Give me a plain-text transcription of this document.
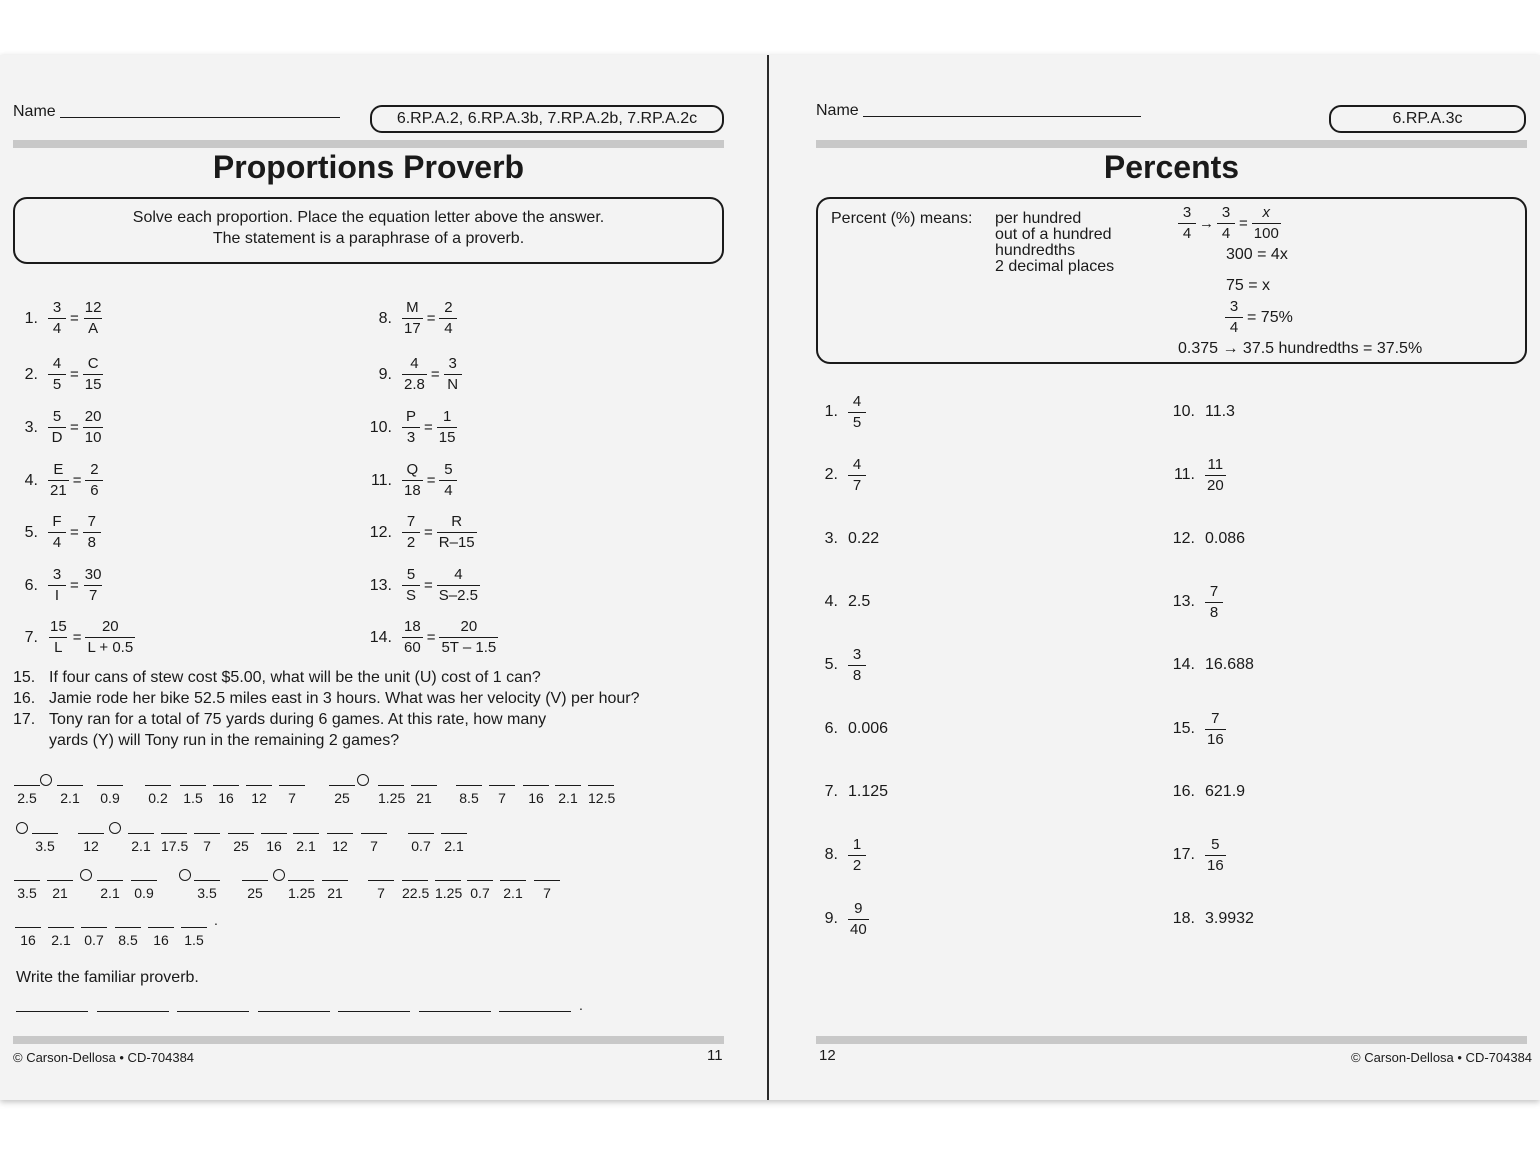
Name	6.RP.A.2, 6.RP.A.3b, 7.RP.A.2b, 7.RP.A.2c
Proportions Proverb
Solve each proportion. Place the equation letter above the answer.
The statement is a paraphrase of a proverb.
1. $\frac{3}{4} = \frac{12}{A}$
2. $\frac{4}{5} = \frac{C}{15}$
3. $\frac{5}{D} = \frac{20}{10}$
4. $\frac{E}{21} = \frac{2}{6}$
5. $\frac{F}{4} = \frac{7}{8}$
6. $\frac{3}{I} = \frac{30}{7}$
7. $\frac{15}{L} = \frac{20}{L + 0.5}$
8. $\frac{M}{17} = \frac{2}{4}$
9. $\frac{4}{2.8} = \frac{3}{N}$
10. $\frac{P}{3} = \frac{1}{15}$
11. $\frac{Q}{18} = \frac{5}{4}$
12. $\frac{7}{2} = \frac{R}{R-15}$
13. $\frac{5}{S} = \frac{4}{S-2.5}$
14. $\frac{18}{60} = \frac{20}{5T - 1.5}$
15. If four cans of stew cost $5.00, what will be the unit (U) cost of 1 can?
16. Jamie rode her bike 52.5 miles east in 3 hours. What was her velocity (V) per hour?
17. Tony ran for a total of 75 yards during 6 games. At this rate, how many
yards (Y) will Tony run in the remaining 2 games?
2.5 2.1 0.9 0.2 1.5	16	12	7	25	1.25 21	8.5	7	16	2.1 12.5
3.5	12	2.1 17.5	7	25	16	2.1	12	7	0.7 2.1
3.5	21	2.1 0.9	3.5	25	1.25 21	7	22.5 1.25 0.7 2.1	7
16	2.1 0.7 8.5	16	1.5
.
Write the familiar proverb.
.
© Carson-Dellosa • CD-704384	11
Name	6.RP.A.3c
Percents
Percent (%) means: per hundred
out of a hundred
hundredths
2 decimal places
$\frac{3}{4} \to \frac{3}{4} = \frac{x}{100}$
300 = 4x
75 = x
$\frac{3}{4} = 75\%$
0.375 → 37.5 hundredths = 37.5%
1. $\frac{4}{5}$
2. $\frac{4}{7}$
3. 0.22
4. 2.5
5. $\frac{3}{8}$
6. 0.006
7. 1.125
8. $\frac{1}{2}$
9. $\frac{9}{40}$
10. 11.3
11. $\frac{11}{20}$
12. 0.086
13. $\frac{7}{8}$
14. 16.688
15. $\frac{7}{16}$
16. 621.9
17. $\frac{5}{16}$
18. 3.9932
12	© Carson-Dellosa • CD-704384
